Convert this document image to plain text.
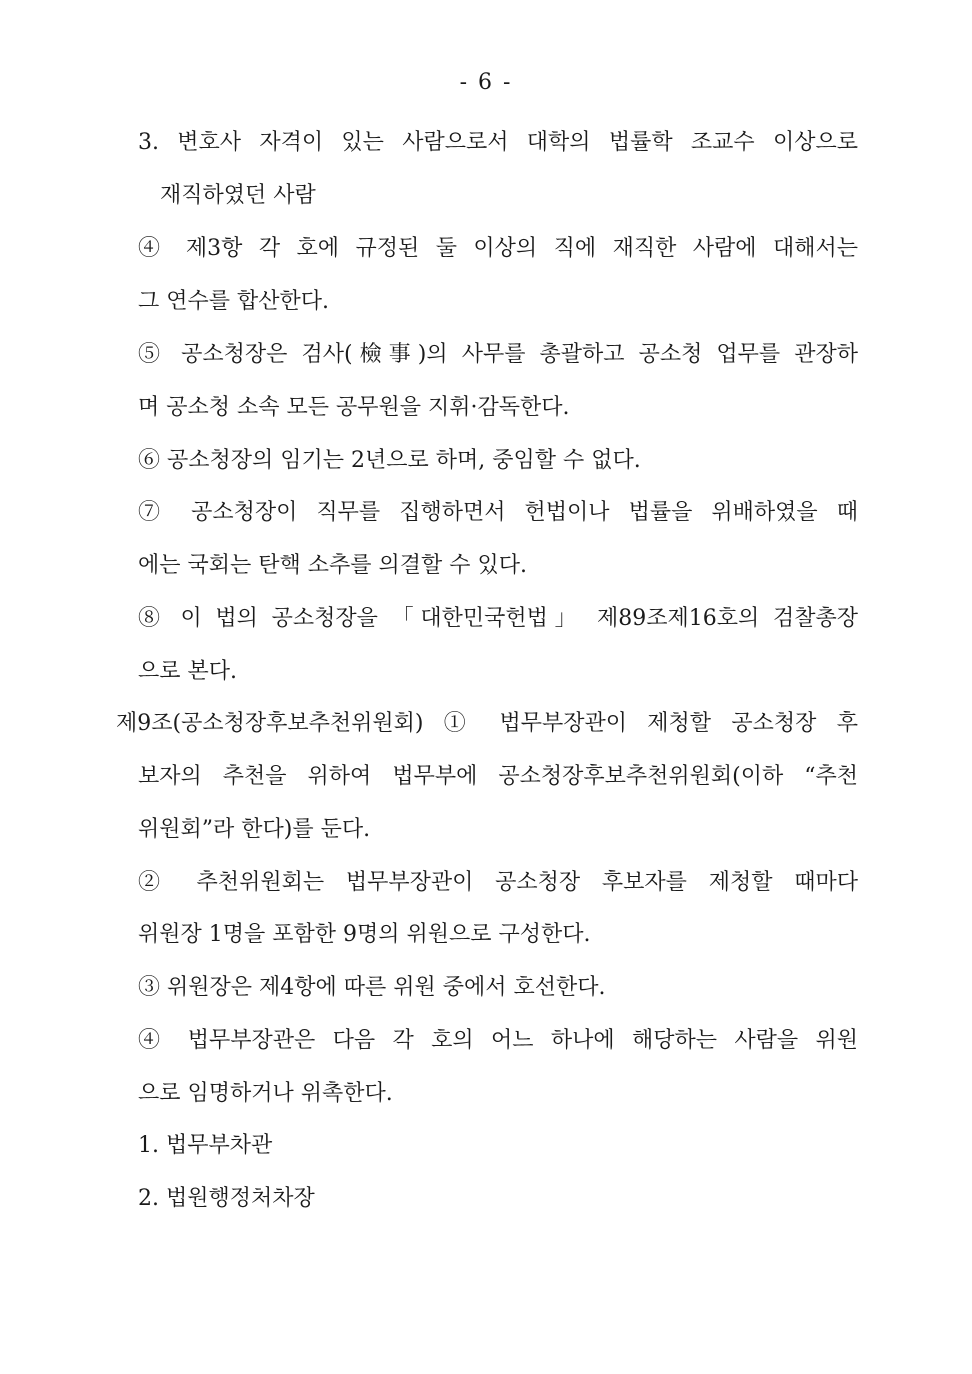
- 6 -
3. 변호사 자격이 있는 사람으로서 대학의 법률학 조교수 이상으로
재직하였던 사람
④ 제3항 각 호에 규정된 둘 이상의 직에 재직한 사람에 대해서는
그 연수를 합산한다.
⑤ 공소청장은 검사(檢事)의 사무를 총괄하고 공소청 업무를 관장하
며 공소청 소속 모든 공무원을 지휘·감독한다.
⑥ 공소청장의 임기는 2년으로 하며, 중임할 수 없다.
⑦ 공소청장이 직무를 집행하면서 헌법이나 법률을 위배하였을 때
에는 국회는 탄핵 소추를 의결할 수 있다.
⑧ 이 법의 공소청장을 「대한민국헌법」 제89조제16호의 검찰총장
으로 본다.
제9조(공소청장후보추천위원회) ① 법무부장관이 제청할 공소청장 후
보자의 추천을 위하여 법무부에 공소청장후보추천위원회(이하 “추천
위원회”라 한다)를 둔다.
② 추천위원회는 법무부장관이 공소청장 후보자를 제청할 때마다
위원장 1명을 포함한 9명의 위원으로 구성한다.
③ 위원장은 제4항에 따른 위원 중에서 호선한다.
④ 법무부장관은 다음 각 호의 어느 하나에 해당하는 사람을 위원
으로 임명하거나 위촉한다.
1. 법무부차관
2. 법원행정처차장
